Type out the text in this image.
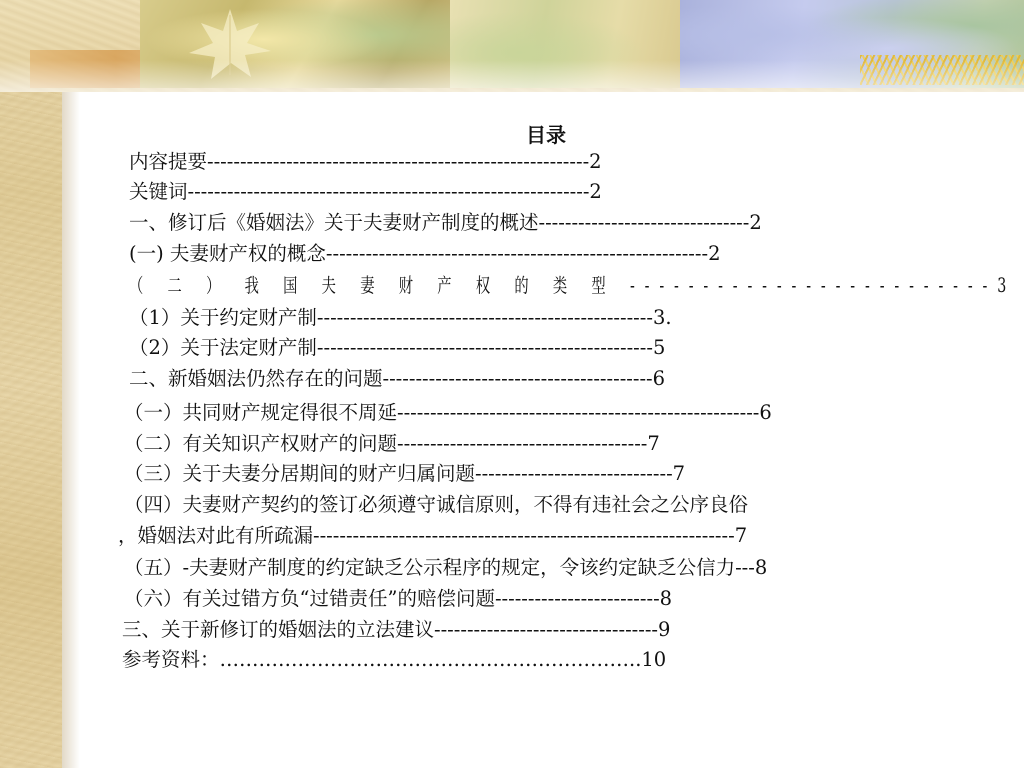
目录
内容提要----------------------------------------------------------2
关键词-------------------------------------------------------------2
一、修订后《婚姻法》关于夫妻财产制度的概述--------------------------------2
(一) 夫妻财产权的概念----------------------------------------------------------2
（ 二 ） 我 国 夫 妻 财 产 权 的 类 型 -------------------------3
（1）关于约定财产制---------------------------------------------------3.
（2）关于法定财产制---------------------------------------------------5
二、新婚姻法仍然存在的问题-----------------------------------------6
（一）共同财产规定得很不周延-------------------------------------------------------6
（二）有关知识产权财产的问题--------------------------------------7
（三）关于夫妻分居期间的财产归属问题------------------------------7
（四）夫妻财产契约的签订必须遵守诚信原则，不得有违社会之公序良俗
，婚姻法对此有所疏漏----------------------------------------------------------------7
（五）-夫妻财产制度的约定缺乏公示程序的规定，令该约定缺乏公信力---8
（六）有关过错方负“过错责任”的赔偿问题-------------------------8
三、关于新修订的婚姻法的立法建议----------------------------------9
参考资料：………………………………………………………..10
